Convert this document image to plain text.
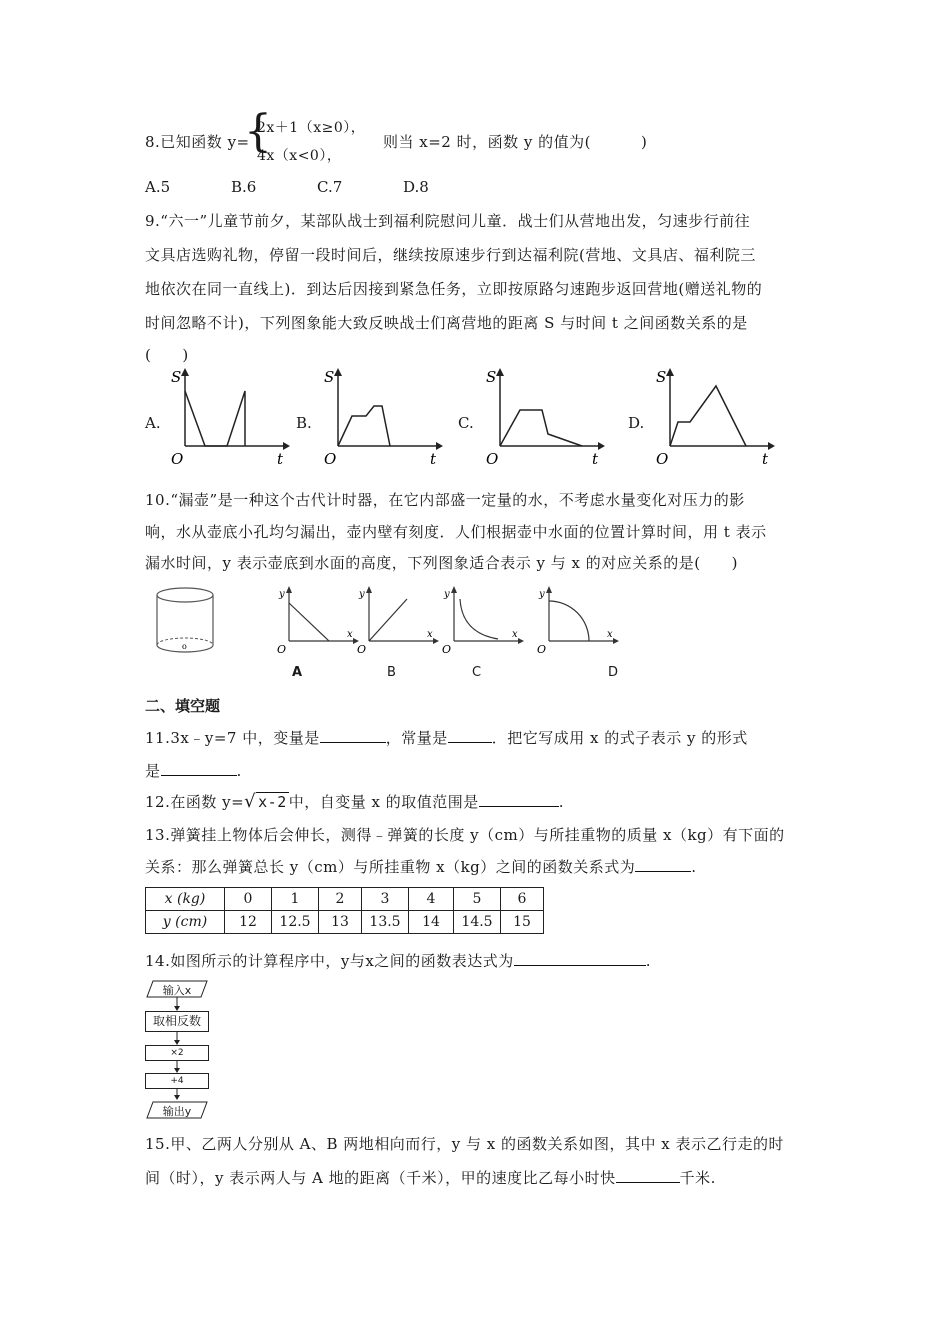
8.已知函数 y=
{
2x＋1（x≥0），
4x（x<0），
则当 x=2 时，函数 y 的值为(	)
A.5	B.6	C.7	D.8
9.“六一”儿童节前夕，某部队战士到福利院慰问儿童．战士们从营地出发，匀速步行前往
文具店选购礼物，停留一段时间后，继续按原速步行到达福利院(营地、文具店、福利院三
地依次在同一直线上)．到达后因接到紧急任务，立即按原路匀速跑步返回营地(赠送礼物的
时间忽略不计)，下列图象能大致反映战士们离营地的距离 S 与时间 t 之间函数关系的是
(　　)
A.	B.	C.	D.
S
O	t
S
O	t
S
O	t
S
O	t
10.“漏壶”是一种这个古代计时器，在它内部盛一定量的水，不考虑水量变化对压力的影
响，水从壶底小孔均匀漏出，壶内壁有刻度．人们根据壶中水面的位置计算时间，用 t 表示
漏水时间，y 表示壶底到水面的高度，下列图象适合表示 y 与 x 的对应关系的是(　　)
o
y
O
x
y
O
x
y
O
x
y
O
x
A	B	C	D
二、填空题
11.3x﹣y=7 中，变量是	，常量是	．把它写成用 x 的式子表示 y 的形式
是	.
12.在函数 y=√ x-2 中，自变量 x 的取值范围是	.
13.弹簧挂上物体后会伸长，测得﹣弹簧的长度 y（cm）与所挂重物的质量 x（kg）有下面的
关系：那么弹簧总长 y（cm）与所挂重物 x（kg）之间的函数关系式为	.
x (kg)	0	1	2	3	4	5	6
y (cm)	12	12.5	13	13.5	14	14.5	15
14.如图所示的计算程序中，y与x之间的函数表达式为	.
输入x
取相反数
×2
+4
输出y
15.甲、乙两人分别从 A、B 两地相向而行，y 与 x 的函数关系如图，其中 x 表示乙行走的时
间（时），y 表示两人与 A 地的距离（千米），甲的速度比乙每小时快	千米.
